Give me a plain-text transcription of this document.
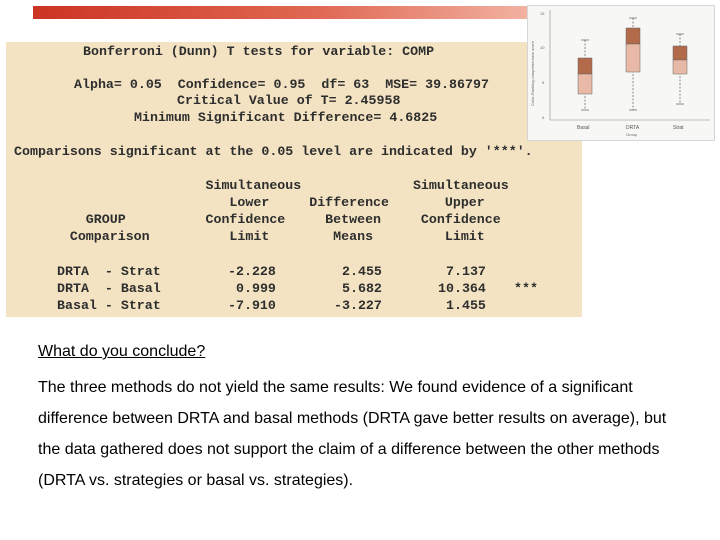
Bonferroni (Dunn) T tests for variable: COMP
Alpha= 0.05  Confidence= 0.95  df= 63  MSE= 39.86797
Critical Value of T= 2.45958
Minimum Significant Difference= 4.6825
Comparisons significant at the 0.05 level are indicated by '***'.
Simultaneous              Simultaneous
Lower     Difference       Upper
GROUP          Confidence     Between     Confidence
Comparison          Limit        Means         Limit
DRTA  - Strat	-2.228	2.455	7.137
DRTA  - Basal	0.999	5.682	10.364 ***
Basal - Strat	-7.910	-3.227	1.455
15
10
5
0
Color-Ranking comprehension score
Basal	DRTA	Strat
Group
What do you conclude?
The three methods do not yield the same results: We found evidence of a significant difference between DRTA and basal methods (DRTA gave better results on average), but the data gathered does not support the claim of a difference between the other methods (DRTA vs. strategies or basal vs. strategies).
